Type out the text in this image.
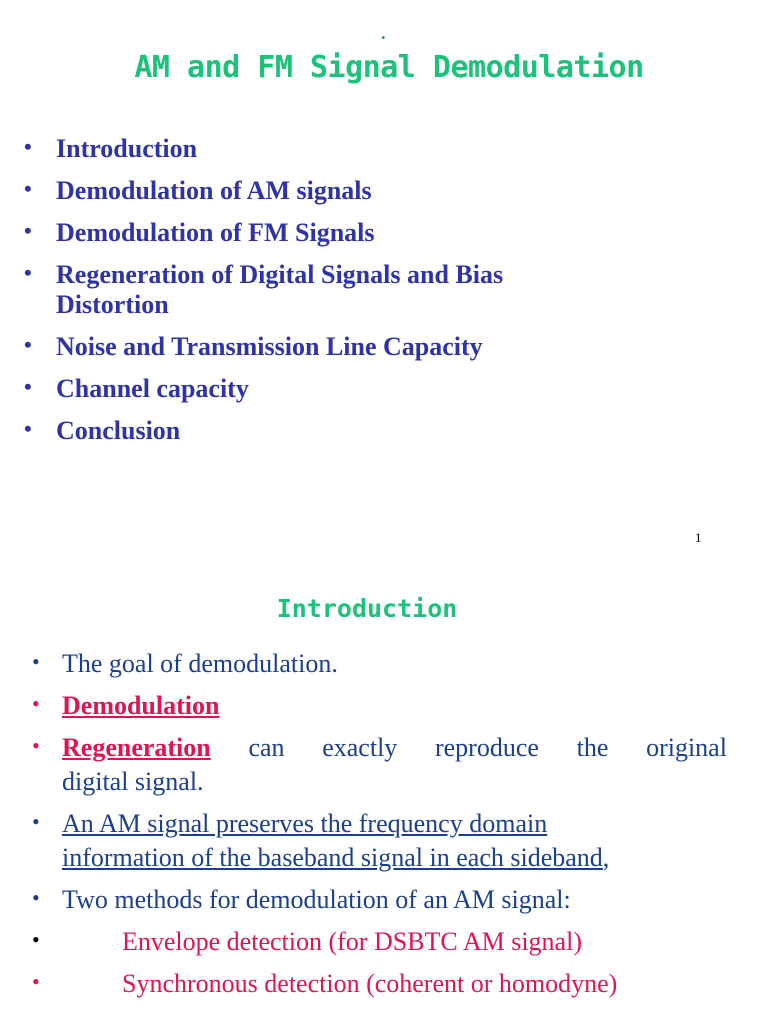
.
AM and FM Signal Demodulation
• Introduction
• Demodulation of AM signals
• Demodulation of FM Signals
• Regeneration of Digital Signals and Bias Distortion
• Noise and Transmission Line Capacity
• Channel capacity
• Conclusion
1
Introduction
• The goal of demodulation.
• Demodulation
• Regeneration can exactly reproduce the original
digital signal.
• An AM signal preserves the frequency domain
information of the baseband signal in each sideband,
• Two methods for demodulation of an AM signal:
•	Envelope detection (for DSBTC AM signal)
•	Synchronous detection (coherent or homodyne)
